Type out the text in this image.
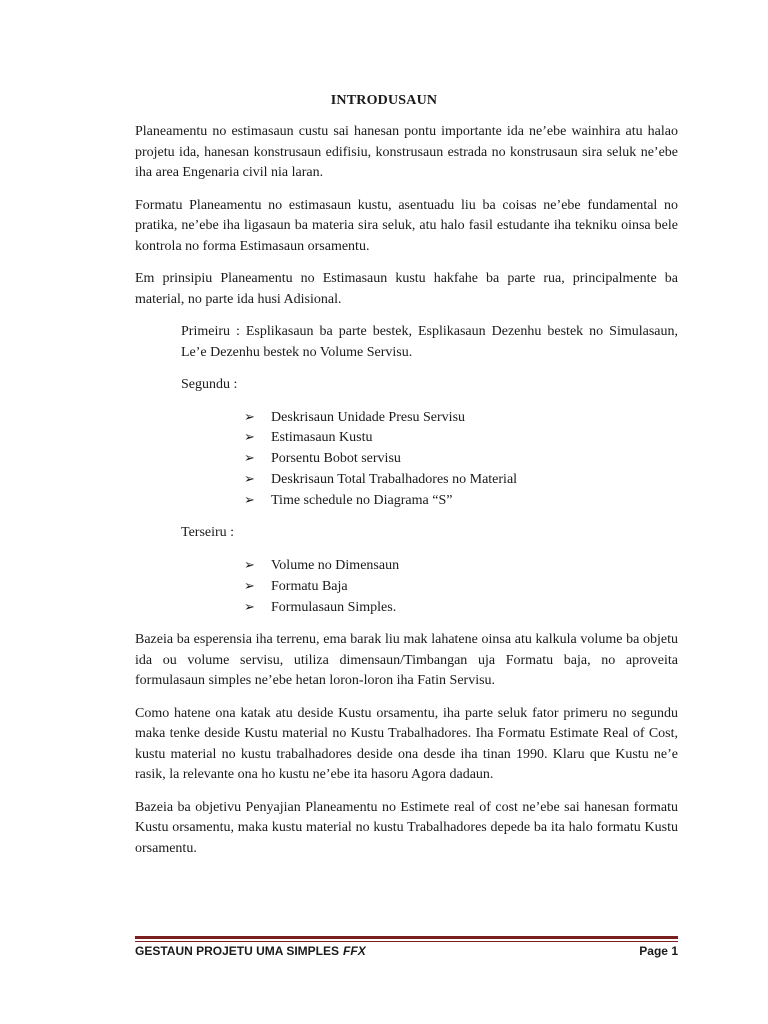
INTRODUSAUN

Planeamentu no estimasaun custu sai hanesan pontu importante ida ne’ebe wainhira atu halao projetu ida, hanesan konstrusaun edifisiu, konstrusaun estrada no konstrusaun sira seluk ne’ebe iha area Engenaria civil nia laran.

Formatu Planeamentu no estimasaun kustu, asentuadu liu ba coisas ne’ebe fundamental no pratika, ne’ebe iha ligasaun ba materia sira seluk, atu halo fasil estudante iha tekniku oinsa bele kontrola no forma Estimasaun orsamentu.

Em prinsipiu Planeamentu no Estimasaun kustu hakfahe ba parte rua, principalmente ba material, no parte ida husi Adisional.

Primeiru : Esplikasaun ba parte bestek, Esplikasaun Dezenhu bestek no Simulasaun, Le’e Dezenhu bestek no Volume Servisu.

Segundu :

➢ Deskrisaun Unidade Presu Servisu
➢ Estimasaun Kustu
➢ Porsentu Bobot servisu
➢ Deskrisaun Total Trabalhadores no Material
➢ Time schedule no Diagrama “S”

Terseiru :

➢ Volume no Dimensaun
➢ Formatu Baja
➢ Formulasaun Simples.

Bazeia ba esperensia iha terrenu, ema barak liu mak lahatene oinsa atu kalkula volume ba objetu ida ou volume servisu, utiliza dimensaun/Timbangan uja Formatu baja, no aproveita formulasaun simples ne’ebe hetan loron-loron iha Fatin Servisu.

Como hatene ona katak atu deside Kustu orsamentu, iha parte seluk fator primeru no segundu maka tenke deside Kustu material no Kustu Trabalhadores. Iha Formatu Estimate Real of Cost, kustu material no kustu trabalhadores deside ona desde iha tinan 1990. Klaru que Kustu ne’e rasik, la relevante ona ho kustu ne’ebe ita hasoru Agora dadaun.

Bazeia ba objetivu Penyajian Planeamentu no Estimete real of cost ne’ebe sai hanesan formatu Kustu orsamentu, maka kustu material no kustu Trabalhadores depede ba ita halo formatu Kustu orsamentu.

GESTAUN PROJETU UMA SIMPLES FFX	Page 1
